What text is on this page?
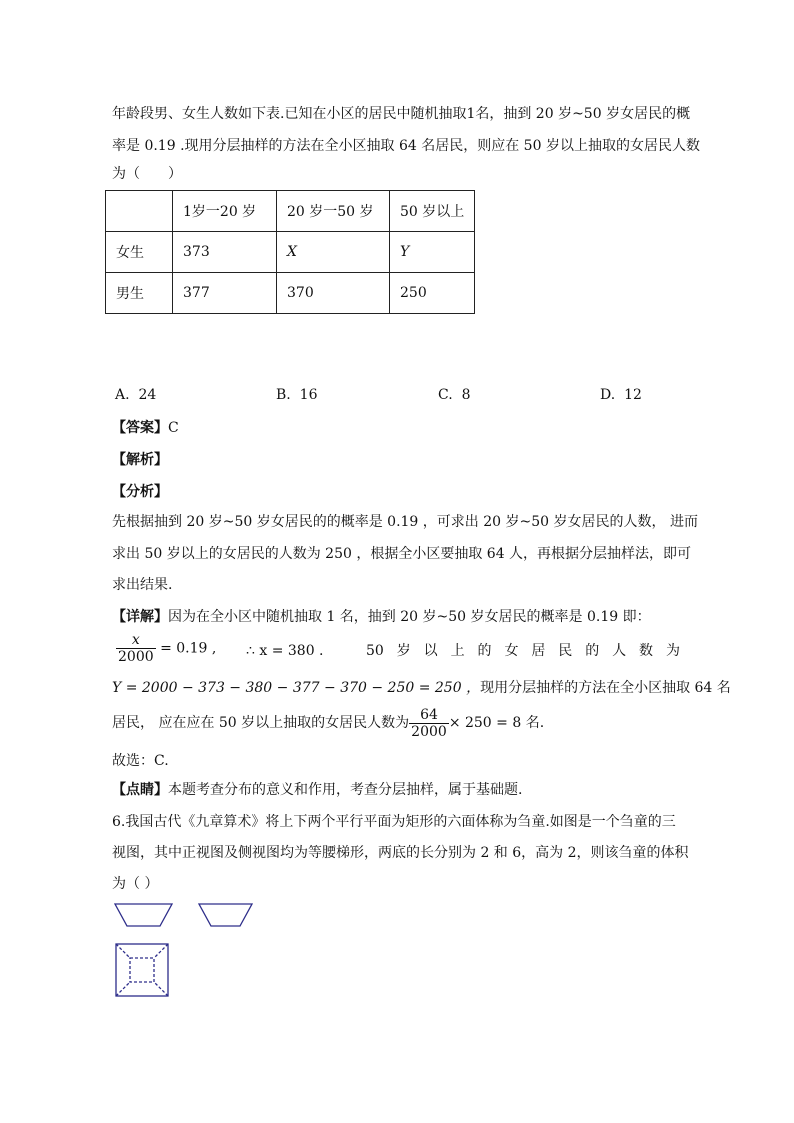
年龄段男、女生人数如下表.已知在小区的居民中随机抽取1名，抽到 20 岁~50 岁女居民的概
率是 0.19 .现用分层抽样的方法在全小区抽取 64 名居民，则应在 50 岁以上抽取的女居民人数
为（　　）
	1岁一20 岁	20 岁一50 岁	50 岁以上
女生	373	X	Y
男生	377	370	250
A. 24	B. 16	C. 8	D. 12
【答案】C
【解析】
【分析】
先根据抽到 20 岁~50 岁女居民的的概率是 0.19 ，可求出 20 岁~50 岁女居民的人数， 进而
求出 50 岁以上的女居民的人数为 250 ，根据全小区要抽取 64 人，再根据分层抽样法，即可
求出结果.
【详解】因为在全小区中随机抽取 1 名，抽到 20 岁~50 岁女居民的概率是 0.19 即：
$\frac{x}{2000} = 0.19$ , ∴ x = 380 .	50 岁 以 上 的 女 居 民 的 人 数 为
Y = 2000 − 373 − 380 − 377 − 370 − 250 = 250 ，现用分层抽样的方法在全小区抽取 64 名
居民， 应在应在 50 岁以上抽取的女居民人数为 $\frac{64}{2000} \times 250 = 8$ 名.
故选：C.
【点睛】本题考查分布的意义和作用，考查分层抽样，属于基础题.
6.我国古代《九章算术》将上下两个平行平面为矩形的六面体称为刍童.如图是一个刍童的三
视图，其中正视图及侧视图均为等腰梯形，两底的长分别为 2 和 6，高为 2，则该刍童的体积
为（ ）
